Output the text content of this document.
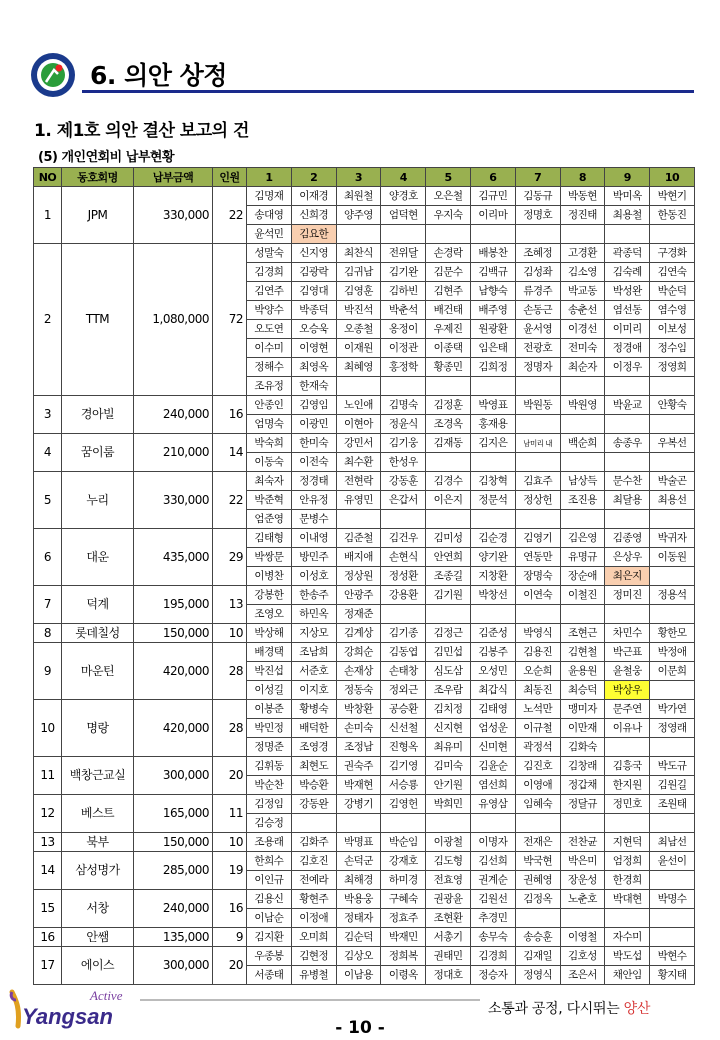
6. 의안 상정
1. 제1호 의안 결산 보고의 건
(5) 개인연회비 납부현황
NO	동호회명	납부금액	인원	1	2	3	4	5	6	7	8	9	10
1	JPM	330,000	22	김명재	이재경	최원철	양경호	오은철	김규민	김동규	박동현	박미옥	박현기
				송대영	신희경	양주영	엄덕현	우지숙	이리마	정명호	정진태	최용철	한동진
				윤석민	김요한								
2	TTM	1,080,000	72	성말숙	신지영	최찬식	전위달	손경락	배봉찬	조혜정	고경환	곽종덕	구경화
				김경희	김광락	김귀남	김기완	김문수	김백규	김성좌	김소영	김숙례	김연숙
				김연주	김영대	김영훈	김하빈	김현주	남향숙	류경주	박교동	박성완	박순덕
				박양수	박종덕	박진석	박춘석	배건태	배주영	손동근	송춘선	염선동	염수영
				오도연	오승욱	오종철	옹정이	우제진	원광환	윤서영	이경선	이미리	이보성
				이수미	이영현	이재원	이정관	이종택	임은태	전광호	전미숙	정경애	정수임
				정해수	최영옥	최혜영	홍정학	황종민	김희정	정명자	최순자	이정우	정영희
				조유정	한재숙								
3	경아빌	240,000	16	안종인	김영임	노인애	김명숙	김정훈	박영표	박원동	박원영	박윤교	안황숙
				엄명숙	이광민	이현아	정윤식	조경옥	홍재용				
4	꿈이룸	210,000	14	박숙희	한미숙	강민서	김기웅	김재동	김지은	남미리 내	백순희	송종우	우복선
				이동숙	이전숙	최수환	한성우						
5	누리	330,000	22	최숙자	정경태	전현락	강동훈	김경수	김창혁	김효주	남상득	문수찬	박술곤
				박준혁	안유정	유영민	은갑서	이은지	정문석	정상헌	조진용	최달용	최용선
				엄준영	문병수								
6	대운	435,000	29	김태형	이내영	김준철	김건우	김미성	김순경	김영기	김은영	김종영	박귀자
				박쌍문	방민주	배지애	손현식	안연희	양기완	연동만	유명규	은상우	이동원
				이병찬	이성호	정상원	정성환	조종길	지창환	장명숙	장순애	최은지	
7	덕계	195,000	13	강봉한	한송주	안광주	강용환	김기원	박창선	이연숙	이철진	정미진	정용석
				조영오	하민옥	정재준							
8	롯데칠성	150,000	10	박상해	지상모	김계상	김기종	김정근	김준성	박영식	조현근	차민수	황한모
9	마운틴	420,000	28	배경택	조남희	강희순	김동엽	김민섭	김봉주	김용진	김현철	박근표	박정애
				박진섭	서준호	손재상	손태창	심도삼	오성민	오순희	윤용원	윤철웅	이문희
				이성길	이지호	정동숙	정외근	조우람	최갑식	최동진	최승덕	박상우	
10	명랑	420,000	28	이봉준	황병숙	박창환	공승환	김치정	김태영	노석만	맹미자	문주연	박가연
				박민정	배덕한	손미숙	신선철	신지현	엄성운	이규철	이만재	이유나	정영래
				정명준	조영경	조정남	진형옥	최유미	신미현	곽정석	김화숙		
11	백창근교실	300,000	20	김휘동	최현도	권숙주	김기영	김미숙	김윤순	김진호	김창래	김흥국	박도규
				박순찬	박승환	박재현	서승룡	안기원	염선희	이영애	정갑채	한지원	김원길
12	베스트	165,000	11	김정임	강동완	강병기	김영헌	박희민	유영삼	임혜숙	정달규	정민호	조원태
				김승정									
13	북부	150,000	10	조용래	김화주	박명표	박순임	이광철	이명자	전재은	전찬균	지현덕	최남선
14	삼성명가	285,000	19	한희수	김호진	손덕군	강재호	김도형	김선희	박국현	박은미	엄정희	윤선이
				이인규	전예라	최해경	하미경	전효영	권계순	권혜영	장운성	한경희	
15	서창	240,000	16	김용신	황현주	박용웅	구혜숙	권광윤	김원선	김정옥	노춘호	박대현	박명수
				이남순	이정애	정태자	정효주	조현환	추경민				
16	안쌤	135,000	9	김지환	오미희	김순덕	박재민	서총기	송무숙	송승훈	이영철	자수미	
17	에이스	300,000	20	우종봉	김현정	김상오	정희복	권태민	김경희	김재일	김호성	박도섭	박현수
				서종태	유병철	이남용	이령옥	정대호	정승자	정영식	조은서	채안임	황지태
Active
Yangsan	소통과 공정, 다시뛰는 양산
- 10 -
